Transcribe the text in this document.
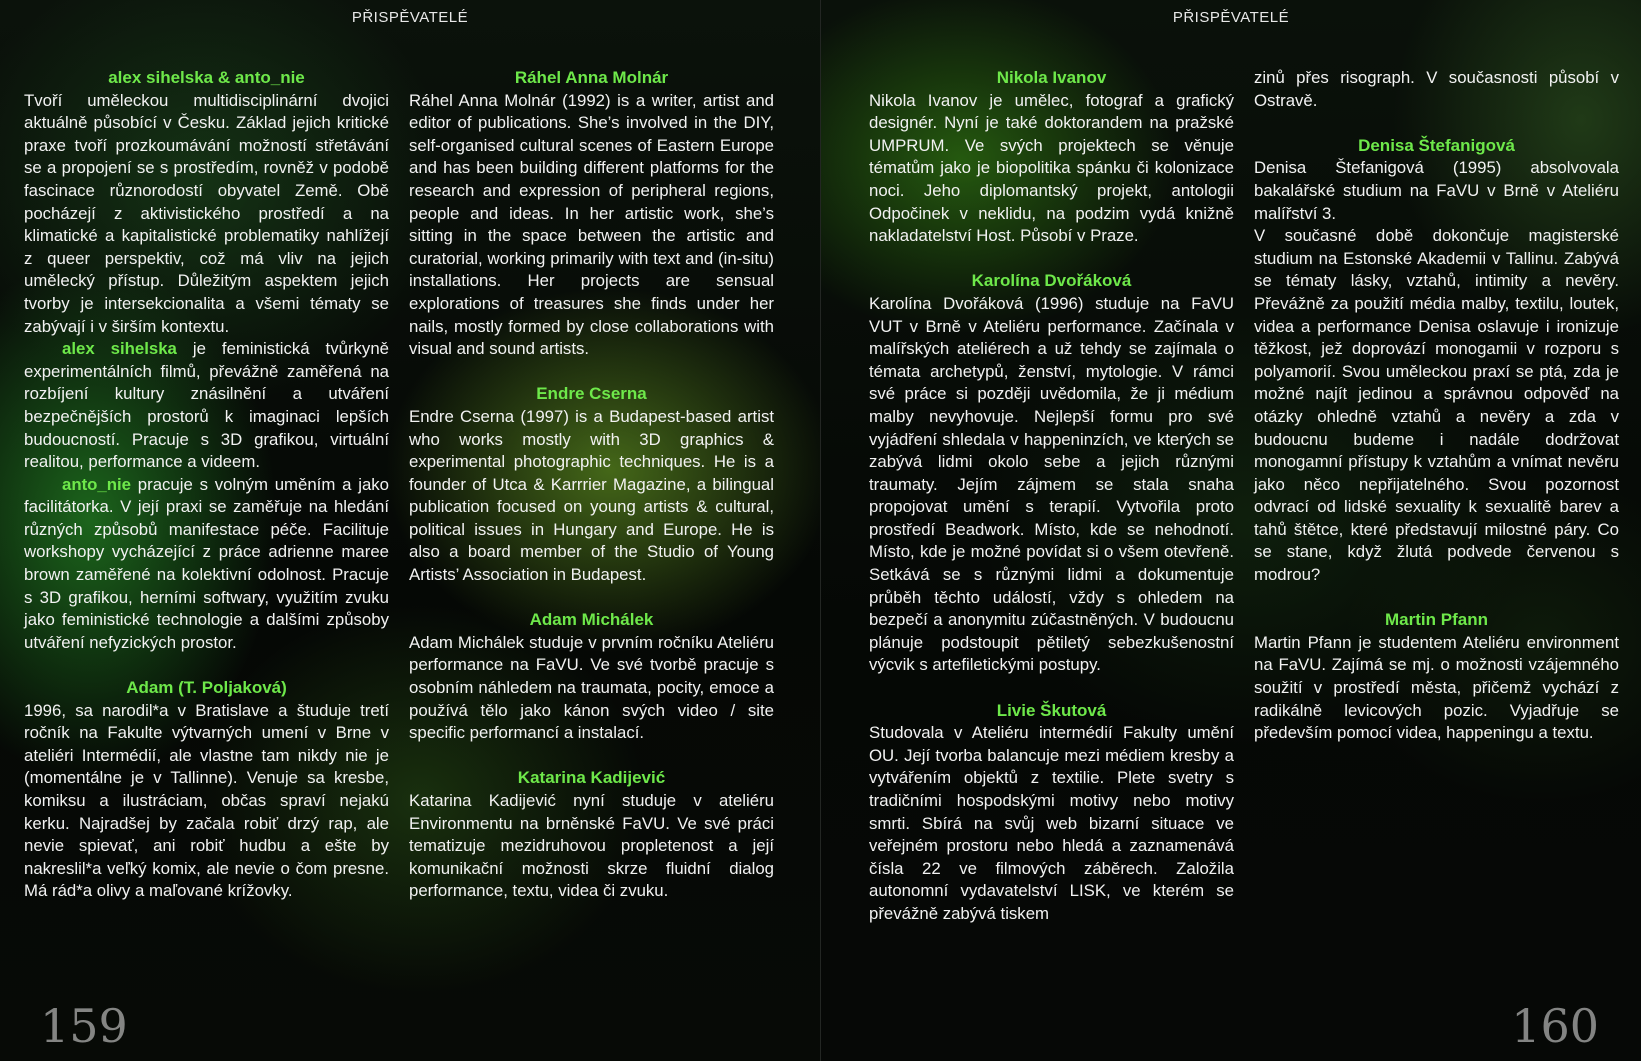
PŘISPĚVATELÉ
alex sihelska & anto_nie

Tvoří uměleckou multidisciplinární dvojici aktuálně působící v Česku. Základ jejich kritické praxe tvoří prozkoumávání možností střetávání se a propojení se s prostředím, rovněž v podobě fascinace různorodostí obyvatel Země. Obě pocházejí z aktivistického prostředí a na klimatické a kapitalistické problematiky nahlížejí z queer perspektiv, což má vliv na jejich umělecký přístup. Důležitým aspektem jejich tvorby je intersekcionalita a všemi tématy se zabývají i v širším kontextu.

alex sihelska je feministická tvůrkyně experimentálních filmů, převážně zaměřená na rozbíjení kultury znásilnění a utváření bezpečnějších prostorů k imaginaci lepších budoucností. Pracuje s 3D grafikou, virtuální realitou, performance a videem.

anto_nie pracuje s volným uměním a jako facilitátorka. V její praxi se zaměřuje na hledání různých způsobů manifestace péče. Facilituje workshopy vycházející z práce adrienne maree brown zaměřené na kolektivní odolnost. Pracuje s 3D grafikou, herními softwary, využitím zvuku jako feministické technologie a dalšími způsoby utváření nefyzických prostor.

Adam (T. Poljaková)

1996, sa narodil*a v Bratislave a študuje tretí ročník na Fakulte výtvarných umení v Brne v ateliéri Intermédií, ale vlastne tam nikdy nie je (momentálne je v Tallinne). Venuje sa kresbe, komiksu a ilustráciam, občas spraví nejakú kerku. Najradšej by začala robiť drzý rap, ale nevie spievať, ani robiť hudbu a ešte by nakreslil*a veľký komix, ale nevie o čom presne. Má rád*a olivy a maľované krížovky.

Ráhel Anna Molnár

Ráhel Anna Molnár (1992) is a writer, artist and editor of publications. She’s involved in the DIY, self-organised cultural scenes of Eastern Europe and has been building different platforms for the research and expression of peripheral regions, people and ideas. In her artistic work, she’s sitting in the space between the artistic and curatorial, working primarily with text and (in-situ) installations. Her projects are sensual explorations of treasures she finds under her nails, mostly formed by close collaborations with visual and sound artists.

Endre Cserna

Endre Cserna (1997) is a Budapest-based artist who works mostly with 3D graphics & experimental photographic techniques. He is a founder of Utca & Karrrier Magazine, a bilingual publication focused on young artists & cultural, political issues in Hungary and Europe. He is also a board member of the Studio of Young Artists’ Association in Budapest.

Adam Michálek

Adam Michálek studuje v prvním ročníku Ateliéru performance na FaVU. Ve své tvorbě pracuje s osobním náhledem na traumata, pocity, emoce a používá tělo jako kánon svých video / site specific performancí a instalací.

Katarina Kadijević

Katarina Kadijević nyní studuje v ateliéru Environmentu na brněnské FaVU. Ve své práci tematizuje mezidruhovou propletenost a její komunikační možnosti skrze fluidní dialog performance, textu, videa či zvuku.

159
PŘISPĚVATELÉ
Nikola Ivanov

Nikola Ivanov je umělec, fotograf a grafický designér. Nyní je také doktorandem na pražské UMPRUM. Ve svých projektech se věnuje tématům jako je biopolitika spánku či kolonizace noci. Jeho diplomantský projekt, antologii Odpočinek v neklidu, na podzim vydá knižně nakladatelství Host. Působí v Praze.

Karolína Dvořáková

Karolína Dvořáková (1996) studuje na FaVU VUT v Brně v Ateliéru performance. Začínala v malířských ateliérech a už tehdy se zajímala o témata archetypů, ženství, mytologie. V rámci své práce si později uvědomila, že ji médium malby nevyhovuje. Nejlepší formu pro své vyjádření shledala v happeninzích, ve kterých se zabývá lidmi okolo sebe a jejich různými traumaty. Jejím zájmem se stala snaha propojovat umění s terapií. Vytvořila proto prostředí Beadwork. Místo, kde se nehodnotí. Místo, kde je možné povídat si o všem otevřeně. Setkává se s různými lidmi a dokumentuje průběh těchto událostí, vždy s ohledem na bezpečí a anonymitu zúčastněných. V budoucnu plánuje podstoupit pětiletý sebezkušenostní výcvik s artefiletickými postupy.

Livie Škutová

Studovala v Ateliéru intermédií Fakulty umění OU. Její tvorba balancuje mezi médiem kresby a vytvářením objektů z textilie. Plete svetry s tradičními hospodskými motivy nebo motivy smrti. Sbírá na svůj web bizarní situace ve veřejném prostoru nebo hledá a zaznamenává čísla 22 ve filmových záběrech. Založila autonomní vydavatelství LISK, ve kterém se převážně zabývá tiskem

zinů přes risograph. V současnosti působí v Ostravě.

Denisa Štefanigová

Denisa Štefanigová (1995) absolvovala bakalářské studium na FaVU v Brně v Ateliéru malířství 3.

V současné době dokončuje magisterské studium na Estonské Akademii v Tallinu. Zabývá se tématy lásky, vztahů, intimity a nevěry. Převážně za použití média malby, textilu, loutek, videa a performance Denisa oslavuje i ironizuje těžkost, jež doprovází monogamii v rozporu s polyamorií. Svou uměleckou praxí se ptá, zda je možné najít jedinou a správnou odpověď na otázky ohledně vztahů a nevěry a zda v budoucnu budeme i nadále dodržovat monogamní přístupy k vztahům a vnímat nevěru jako něco nepřijatelného. Svou pozornost odvrací od lidské sexuality k sexualitě barev a tahů štětce, které představují milostné páry. Co se stane, když žlutá podvede červenou s modrou?

Martin Pfann

Martin Pfann je studentem Ateliéru environment na FaVU. Zajímá se mj. o možnosti vzájemného soužití v prostředí města, přičemž vychází z radikálně levicových pozic. Vyjadřuje se především pomocí videa, happeningu a textu.

160
